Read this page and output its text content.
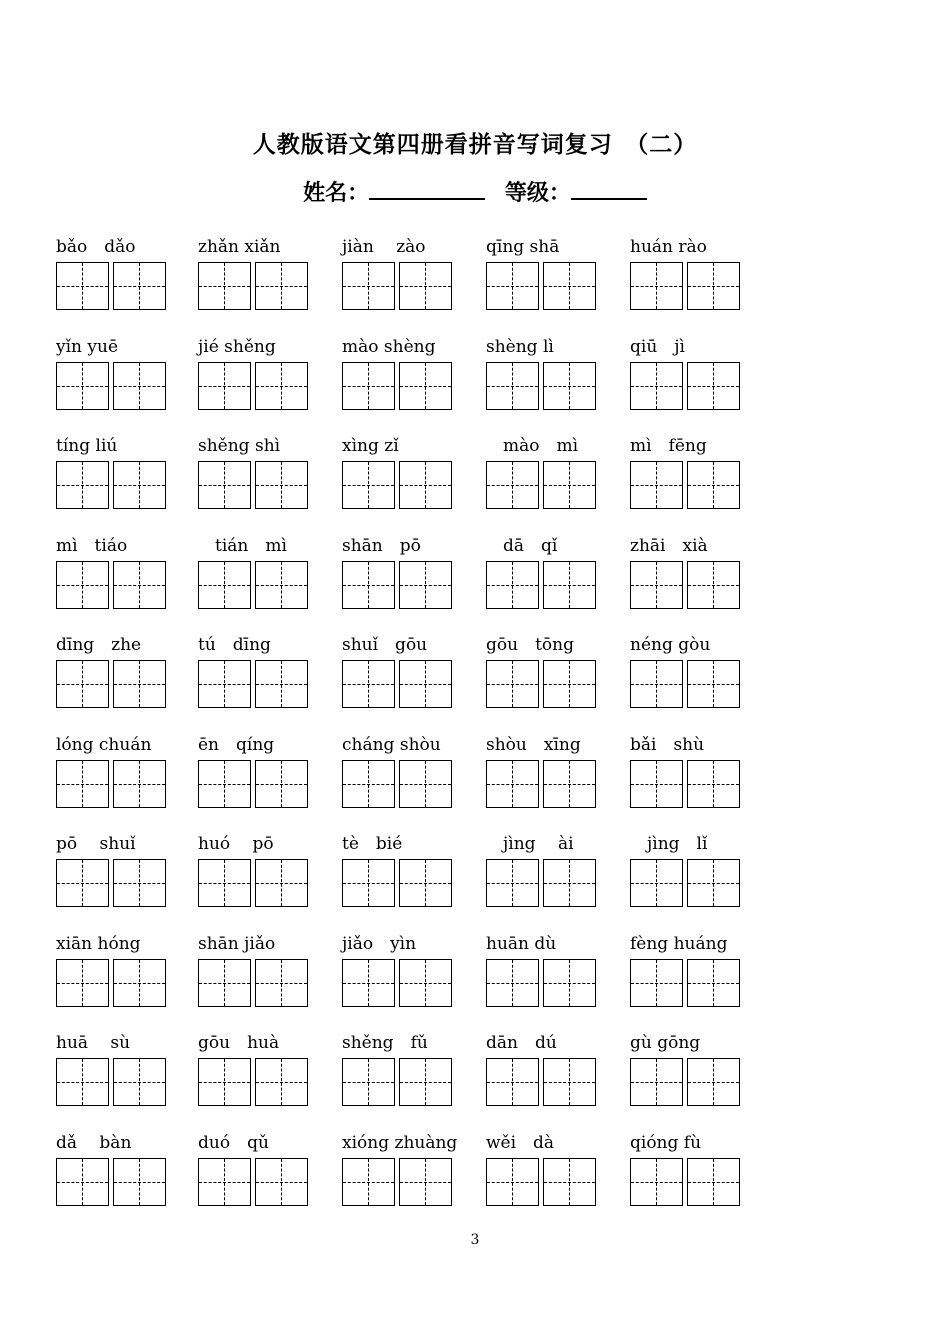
人教版语文第四册看拼音写词复习　（二）
姓名：	等级：
bǎo　dǎo	zhǎn xiǎn	jiàn　 zào	qīng shā	huán rào
yǐn yuē	jié shěng	mào shèng	shèng lì	qiū　jì
tíng liú	shěng shì	xìng zǐ	　mào　mì	mì　fēng
mì　tiáo	　tián　mì	shān　pō	　dā　qǐ	zhāi　xià
dīng　zhe	tú　dīng	shuǐ　gōu	gōu　tōng	néng gòu
lóng chuán	ēn　qíng	cháng shòu	shòu　xīng	bǎi　shù
pō　 shuǐ	huó　 pō	tè　bié	　jìng　 ài	　jìng　lǐ
xiān hóng	shān jiǎo	jiǎo　yìn	huān dù	fèng huáng
huā　 sù	gōu　huà	shěng　fǔ	dān　dú	gù gōng
dǎ　 bàn	duó　qǔ	xióng zhuàng	wěi　dà	qióng fù
3
